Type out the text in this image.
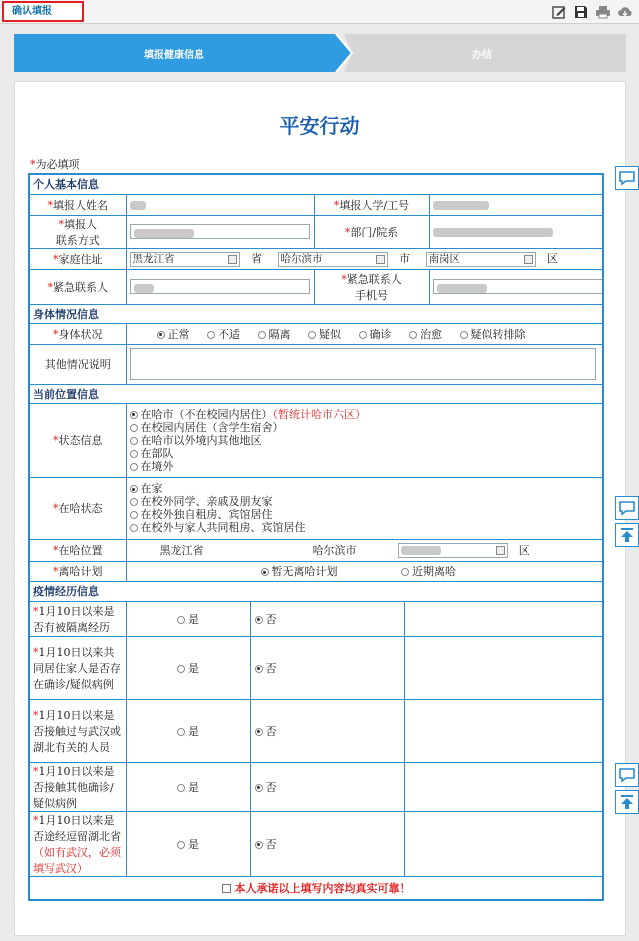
确认填报
填报健康信息	办结
平安行动
*为必填项
个人基本信息					
*填报人姓名			*填报人学/工号		
*填报人
联系方式			*部门/院系		
*家庭住址	黑龙江省 省 哈尔滨市 市 南岗区 区				
*紧急联系人			*紧急联系人
手机号		
身体情况信息					
*身体状况	正常 不适 隔离 疑似 确诊 治愈 疑似转排除				
其他情况说明	

当前位置信息					
*状态信息	在哈市（不在校园内居住）（暂统计哈市六区）
在校园内居住（含学生宿舍）
在哈市以外境内其他地区
在部队
在境外				

*在哈状态	在家
在校外同学、亲戚及朋友家
在校外独自租房、宾馆居住
在校外与家人共同租房、宾馆居住				

*在哈位置	黑龙江省 哈尔滨市 区				
*离哈计划	暂无离哈计划 近期离哈				
疫情经历信息					
*1月10日以来是否有被隔离经历	是	否			
*1月10日以来共同居住家人是否存在确诊/疑似病例	是	否			
*1月10日以来是否接触过与武汉或湖北有关的人员	是	否			
*1月10日以来是否接触其他确诊/疑似病例	是	否			
*1月10日以来是否途经逗留湖北省（如有武汉，必须填写武汉）	是	否			
本人承诺以上填写内容均真实可靠！					
